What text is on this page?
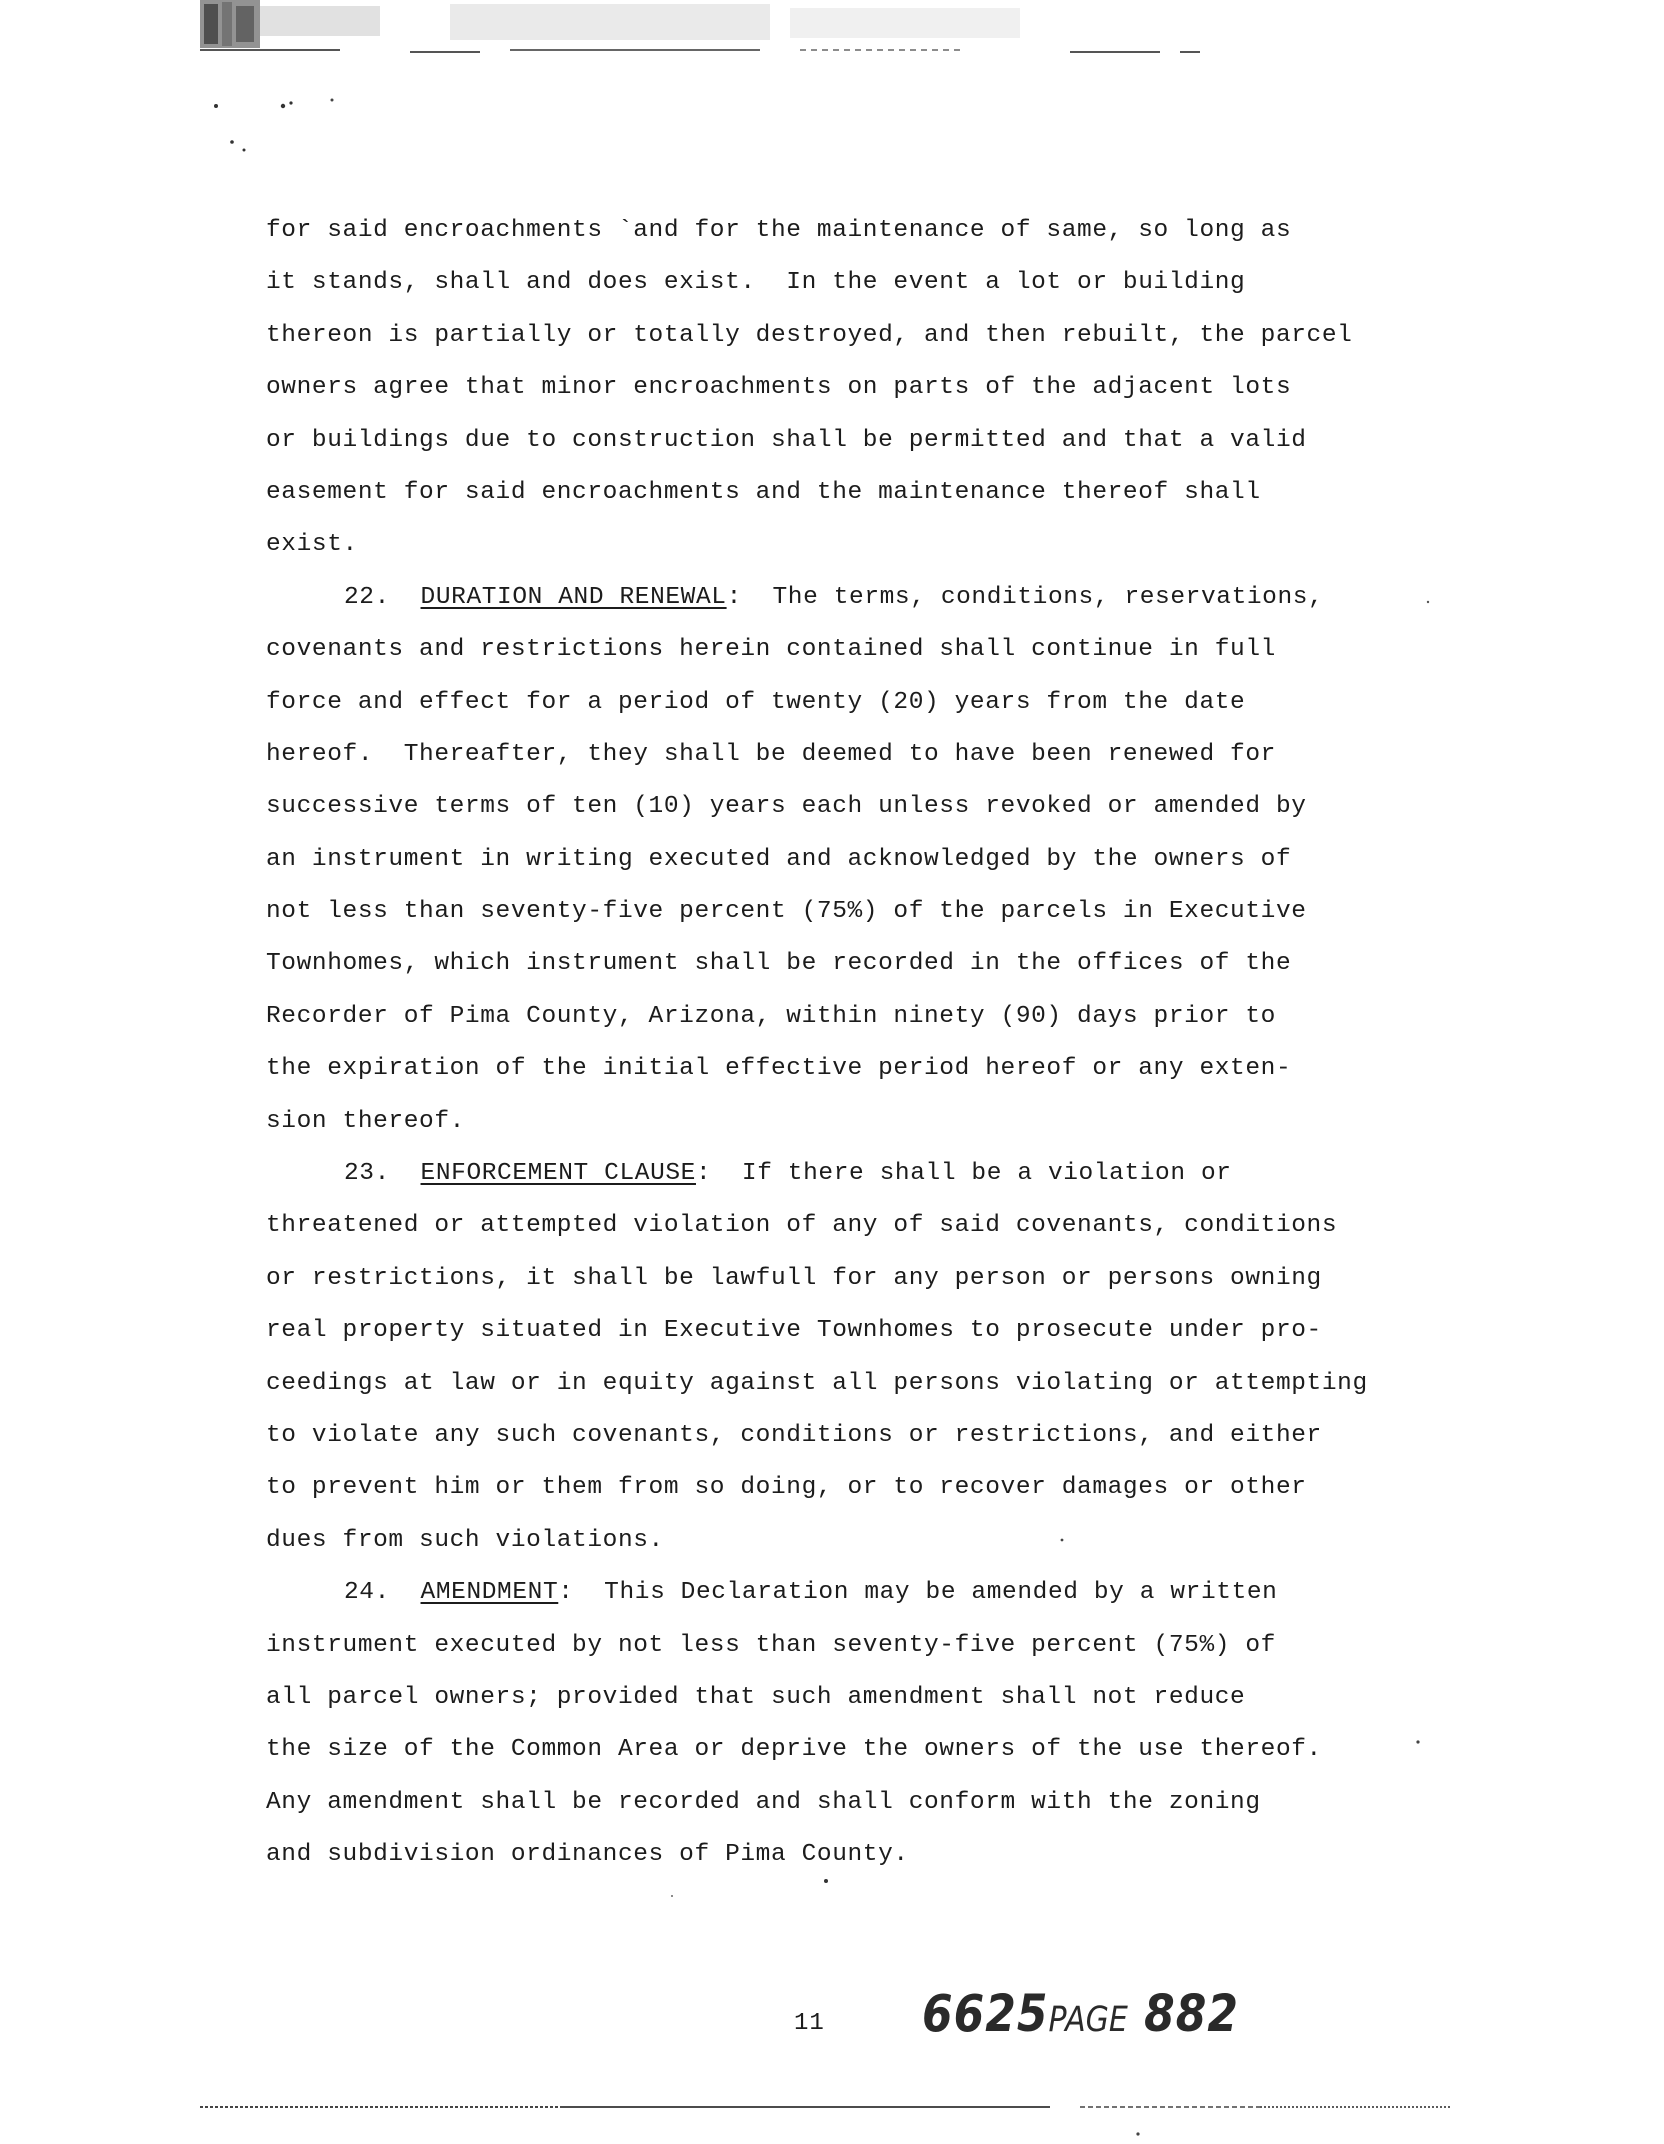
for said encroachments `and for the maintenance of same, so long as
it stands, shall and does exist.  In the event a lot or building
thereon is partially or totally destroyed, and then rebuilt, the parcel
owners agree that minor encroachments on parts of the adjacent lots
or buildings due to construction shall be permitted and that a valid
easement for said encroachments and the maintenance thereof shall
exist.
22. DURATION AND RENEWAL:  The terms, conditions, reservations,
covenants and restrictions herein contained shall continue in full
force and effect for a period of twenty (20) years from the date
hereof.  Thereafter, they shall be deemed to have been renewed for
successive terms of ten (10) years each unless revoked or amended by
an instrument in writing executed and acknowledged by the owners of
not less than seventy-five percent (75%) of the parcels in Executive
Townhomes, which instrument shall be recorded in the offices of the
Recorder of Pima County, Arizona, within ninety (90) days prior to
the expiration of the initial effective period hereof or any exten-
sion thereof.
23. ENFORCEMENT CLAUSE:  If there shall be a violation or
threatened or attempted violation of any of said covenants, conditions
or restrictions, it shall be lawfull for any person or persons owning
real property situated in Executive Townhomes to prosecute under pro-
ceedings at law or in equity against all persons violating or attempting
to violate any such covenants, conditions or restrictions, and either
to prevent him or them from so doing, or to recover damages or other
dues from such violations.
24. AMENDMENT:  This Declaration may be amended by a written
instrument executed by not less than seventy-five percent (75%) of
all parcel owners; provided that such amendment shall not reduce
the size of the Common Area or deprive the owners of the use thereof.
Any amendment shall be recorded and shall conform with the zoning
and subdivision ordinances of Pima County.
11 6625PAGE 882
